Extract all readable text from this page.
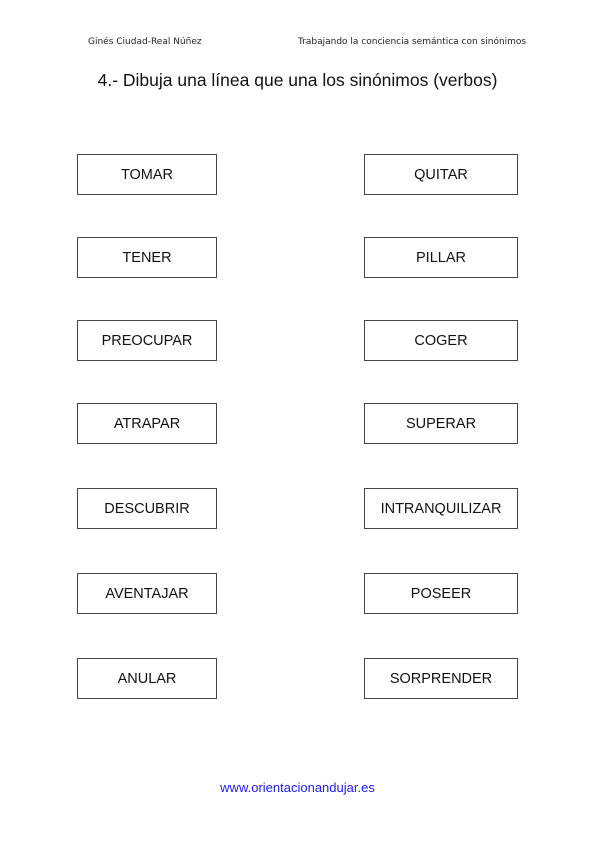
Ginés Ciudad-Real Núñez	Trabajando la conciencia semántica con sinónimos
4.- Dibuja una línea que una los sinónimos (verbos)
TOMAR
TENER
PREOCUPAR
ATRAPAR
DESCUBRIR
AVENTAJAR
ANULAR
QUITAR
PILLAR
COGER
SUPERAR
INTRANQUILIZAR
POSEER
SORPRENDER
www.orientacionandujar.es
